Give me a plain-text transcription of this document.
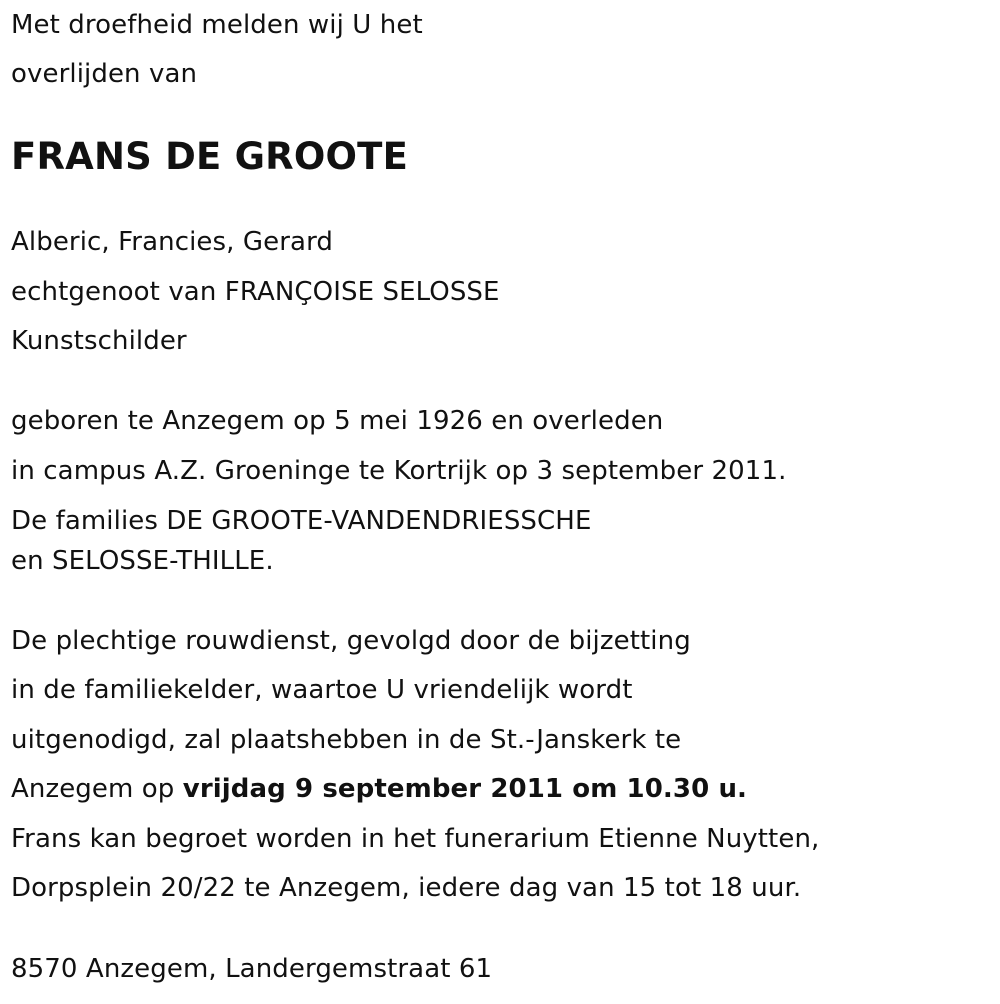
Met droefheid melden wij U het
overlijden van
FRANS DE GROOTE
Alberic, Francies, Gerard
echtgenoot van FRANÇOISE SELOSSE
Kunstschilder
geboren te Anzegem op 5 mei 1926 en overleden
in campus A.Z. Groeninge te Kortrijk op 3 september 2011.
De families DE GROOTE-VANDENDRIESSCHE
en SELOSSE-THILLE.
De plechtige rouwdienst, gevolgd door de bijzetting
in de familiekelder, waartoe U vriendelijk wordt
uitgenodigd, zal plaatshebben in de St.-Janskerk te
Anzegem op vrijdag 9 september 2011 om 10.30 u.
Frans kan begroet worden in het funerarium Etienne Nuytten,
Dorpsplein 20/22 te Anzegem, iedere dag van 15 tot 18 uur.
8570 Anzegem, Landergemstraat 61
